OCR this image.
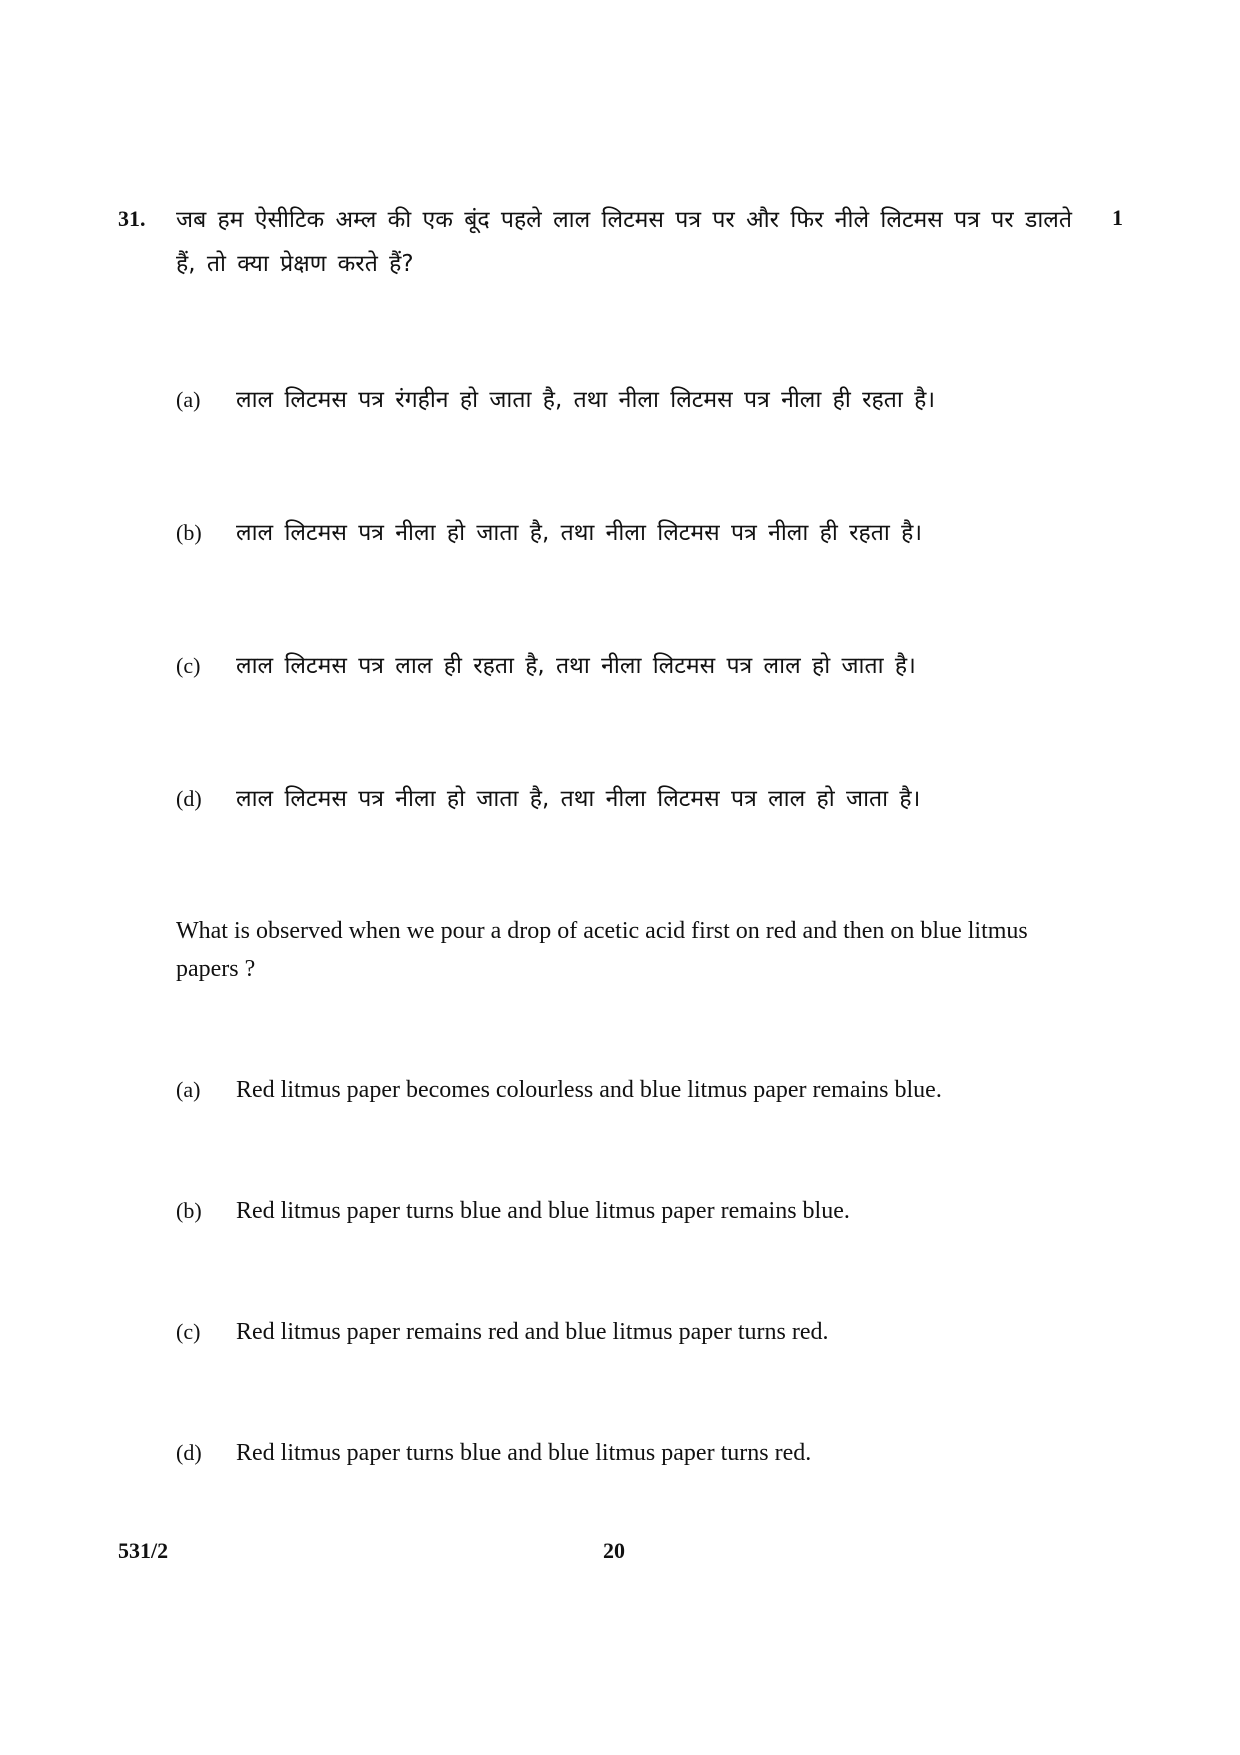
31.	1
जब हम ऐसीटिक अम्ल की एक बूंद पहले लाल लिटमस पत्र पर और फिर नीले लिटमस पत्र पर डालते हैं, तो क्या प्रेक्षण करते हैं?
(a) लाल लिटमस पत्र रंगहीन हो जाता है, तथा नीला लिटमस पत्र नीला ही रहता है।
(b) लाल लिटमस पत्र नीला हो जाता है, तथा नीला लिटमस पत्र नीला ही रहता है।
(c) लाल लिटमस पत्र लाल ही रहता है, तथा नीला लिटमस पत्र लाल हो जाता है।
(d) लाल लिटमस पत्र नीला हो जाता है, तथा नीला लिटमस पत्र लाल हो जाता है।
What is observed when we pour a drop of acetic acid first on red and then on blue litmus papers ?
(a) Red litmus paper becomes colourless and blue litmus paper remains blue.
(b) Red litmus paper turns blue and blue litmus paper remains blue.
(c) Red litmus paper remains red and blue litmus paper turns red.
(d) Red litmus paper turns blue and blue litmus paper turns red.
531/2	20
